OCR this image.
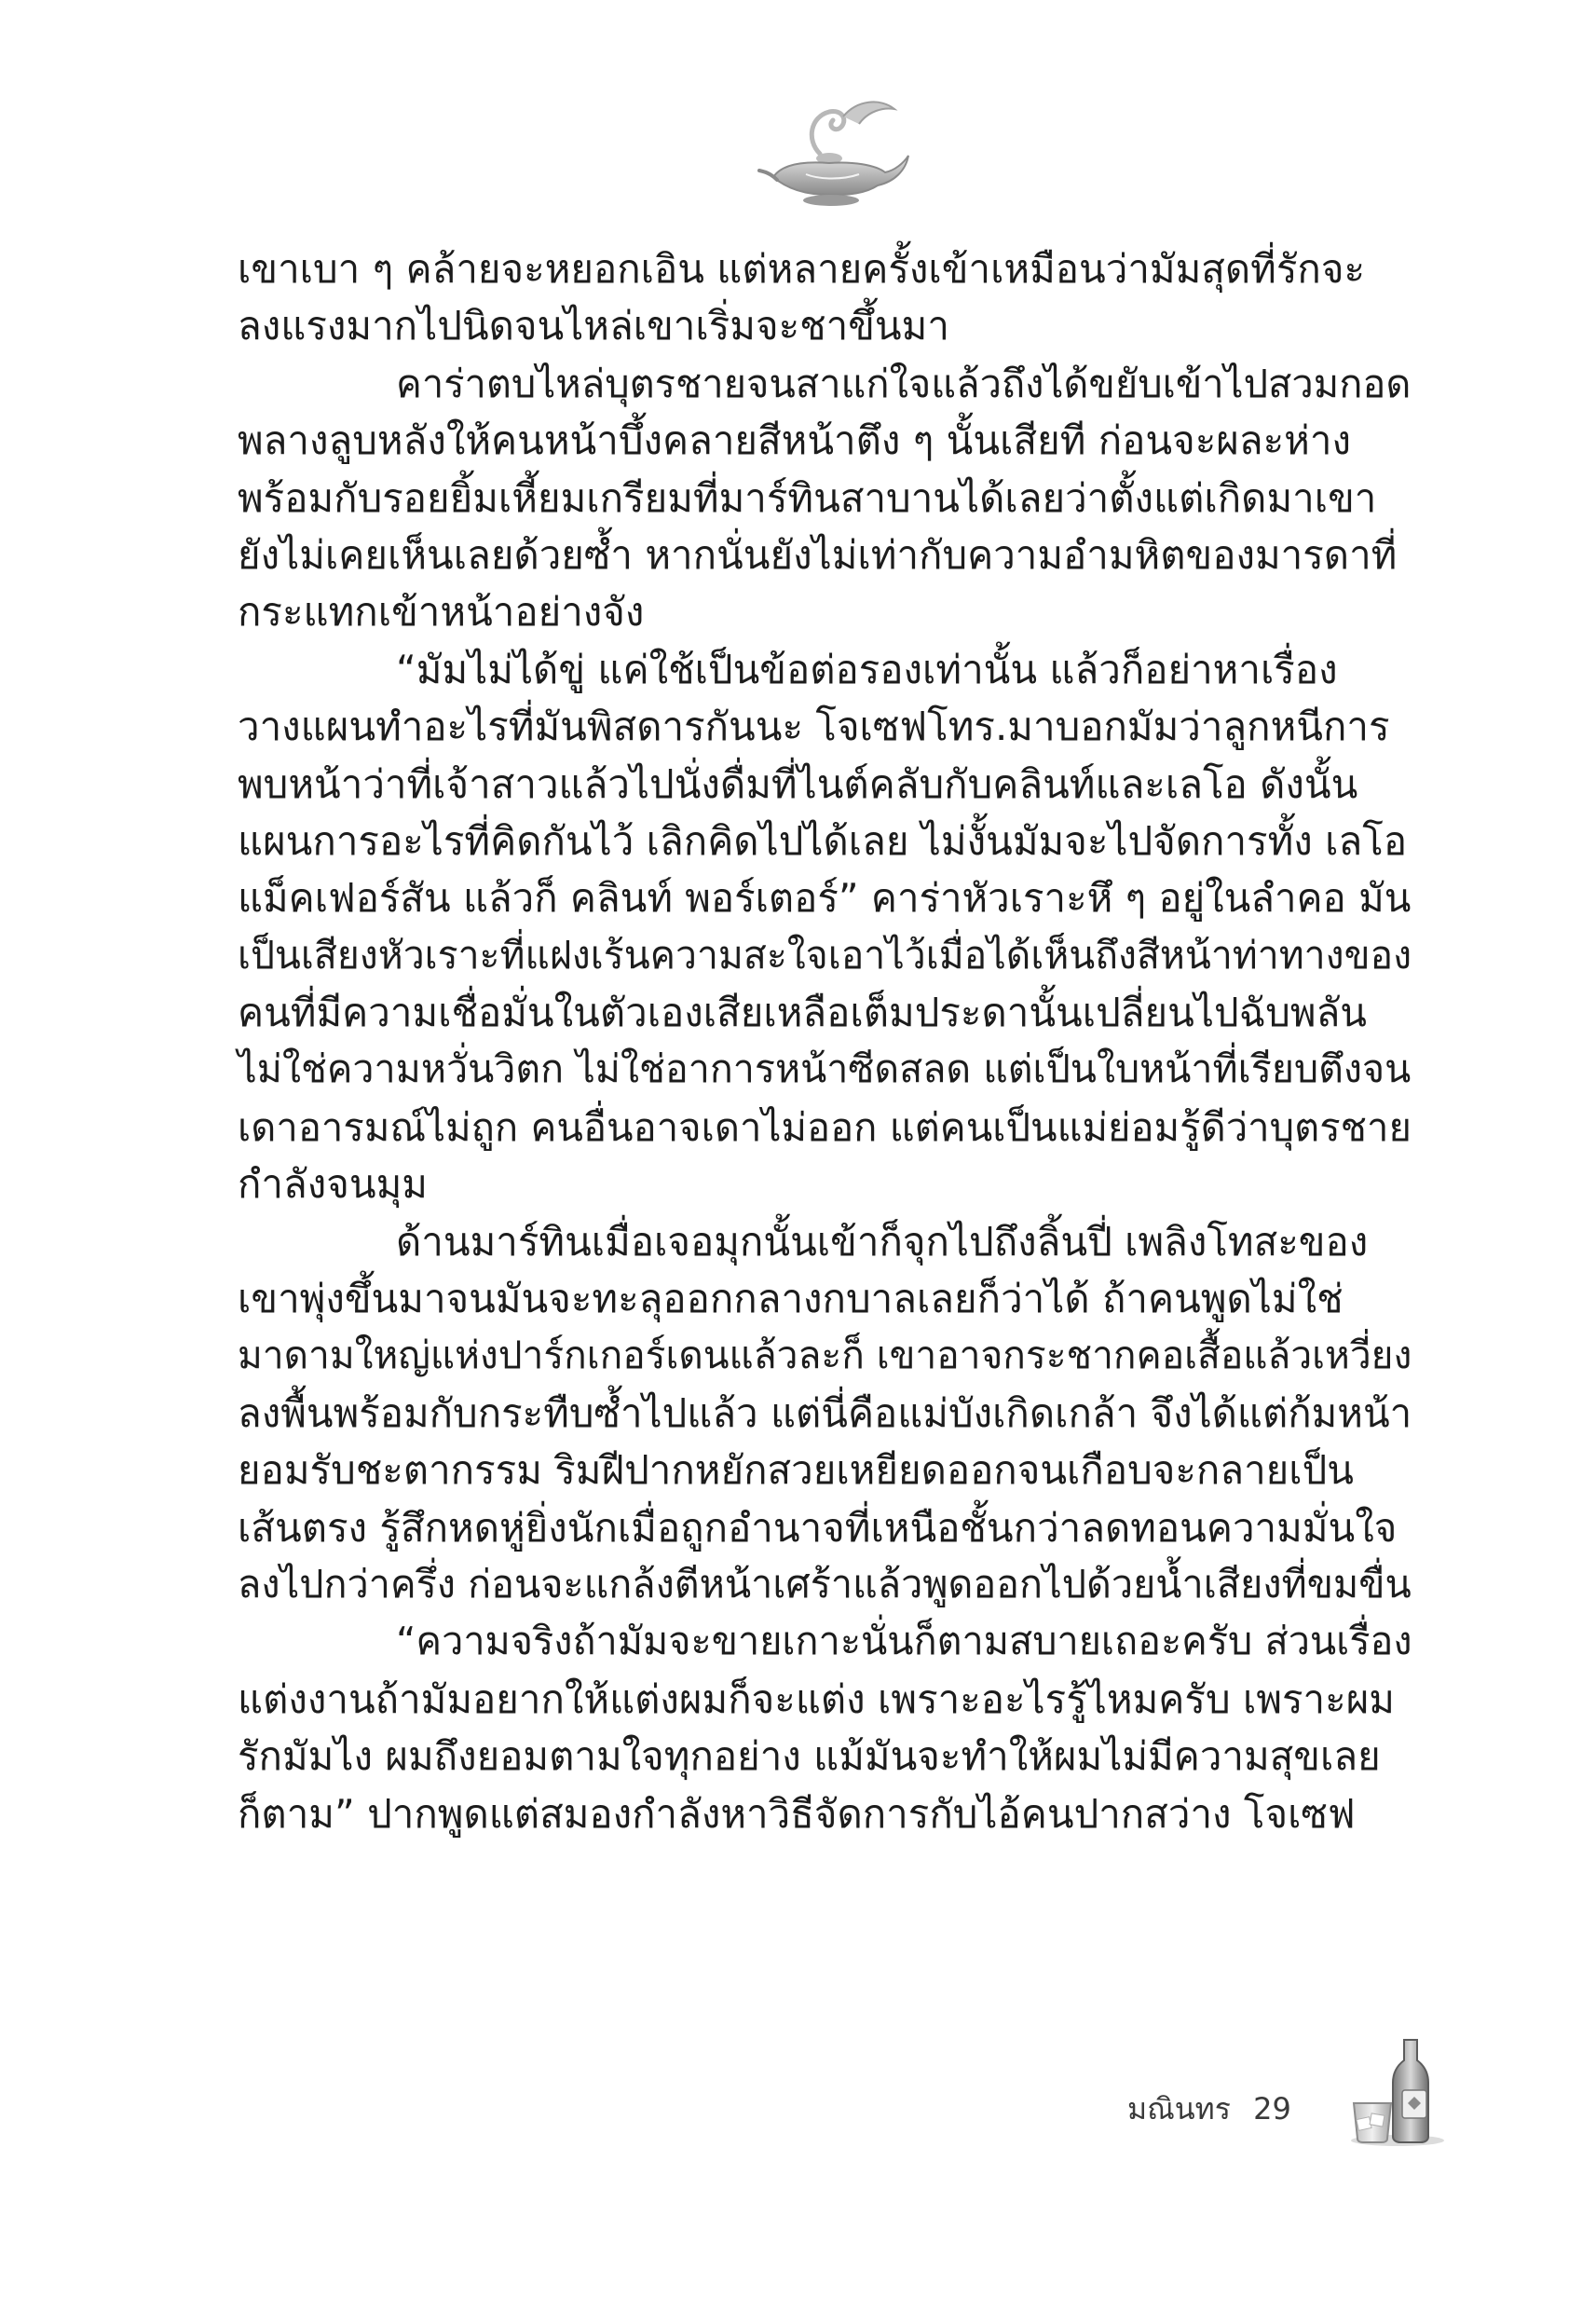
เขาเบา ๆ คล้ายจะหยอกเอิน แต่หลายครั้งเข้าเหมือนว่ามัมสุดที่รักจะ
ลงแรงมากไปนิดจนไหล่เขาเริ่มจะชาขึ้นมา
คาร่าตบไหล่บุตรชายจนสาแก่ใจแล้วถึงได้ขยับเข้าไปสวมกอด
พลางลูบหลังให้คนหน้าบึ้งคลายสีหน้าตึง ๆ นั้นเสียที ก่อนจะผละห่าง
พร้อมกับรอยยิ้มเหี้ยมเกรียมที่มาร์ทินสาบานได้เลยว่าตั้งแต่เกิดมาเขา
ยังไม่เคยเห็นเลยด้วยซ้ำ หากนั่นยังไม่เท่ากับความอำมหิตของมารดาที่
กระแทกเข้าหน้าอย่างจัง
“มัมไม่ได้ขู่ แค่ใช้เป็นข้อต่อรองเท่านั้น แล้วก็อย่าหาเรื่อง
วางแผนทำอะไรที่มันพิสดารกันนะ โจเซฟโทร.มาบอกมัมว่าลูกหนีการ
พบหน้าว่าที่เจ้าสาวแล้วไปนั่งดื่มที่ไนต์คลับกับคลินท์และเลโอ ดังนั้น
แผนการอะไรที่คิดกันไว้ เลิกคิดไปได้เลย ไม่งั้นมัมจะไปจัดการทั้ง เลโอ
แม็คเฟอร์สัน แล้วก็ คลินท์ พอร์เตอร์” คาร่าหัวเราะหึ ๆ อยู่ในลำคอ มัน
เป็นเสียงหัวเราะที่แฝงเร้นความสะใจเอาไว้เมื่อได้เห็นถึงสีหน้าท่าทางของ
คนที่มีความเชื่อมั่นในตัวเองเสียเหลือเต็มประดานั้นเปลี่ยนไปฉับพลัน
ไม่ใช่ความหวั่นวิตก ไม่ใช่อาการหน้าซีดสลด แต่เป็นใบหน้าที่เรียบตึงจน
เดาอารมณ์ไม่ถูก คนอื่นอาจเดาไม่ออก แต่คนเป็นแม่ย่อมรู้ดีว่าบุตรชาย
กำลังจนมุม
ด้านมาร์ทินเมื่อเจอมุกนั้นเข้าก็จุกไปถึงลิ้นปี่ เพลิงโทสะของ
เขาพุ่งขึ้นมาจนมันจะทะลุออกกลางกบาลเลยก็ว่าได้ ถ้าคนพูดไม่ใช่
มาดามใหญ่แห่งปาร์กเกอร์เดนแล้วละก็ เขาอาจกระชากคอเสื้อแล้วเหวี่ยง
ลงพื้นพร้อมกับกระทืบซ้ำไปแล้ว แต่นี่คือแม่บังเกิดเกล้า จึงได้แต่ก้มหน้า
ยอมรับชะตากรรม ริมฝีปากหยักสวยเหยียดออกจนเกือบจะกลายเป็น
เส้นตรง รู้สึกหดหู่ยิ่งนักเมื่อถูกอำนาจที่เหนือชั้นกว่าลดทอนความมั่นใจ
ลงไปกว่าครึ่ง ก่อนจะแกล้งตีหน้าเศร้าแล้วพูดออกไปด้วยน้ำเสียงที่ขมขื่น
“ความจริงถ้ามัมจะขายเกาะนั่นก็ตามสบายเถอะครับ ส่วนเรื่อง
แต่งงานถ้ามัมอยากให้แต่งผมก็จะแต่ง เพราะอะไรรู้ไหมครับ เพราะผม
รักมัมไง ผมถึงยอมตามใจทุกอย่าง แม้มันจะทำให้ผมไม่มีความสุขเลย
ก็ตาม” ปากพูดแต่สมองกำลังหาวิธีจัดการกับไอ้คนปากสว่าง โจเซฟ
มณินทร 29
